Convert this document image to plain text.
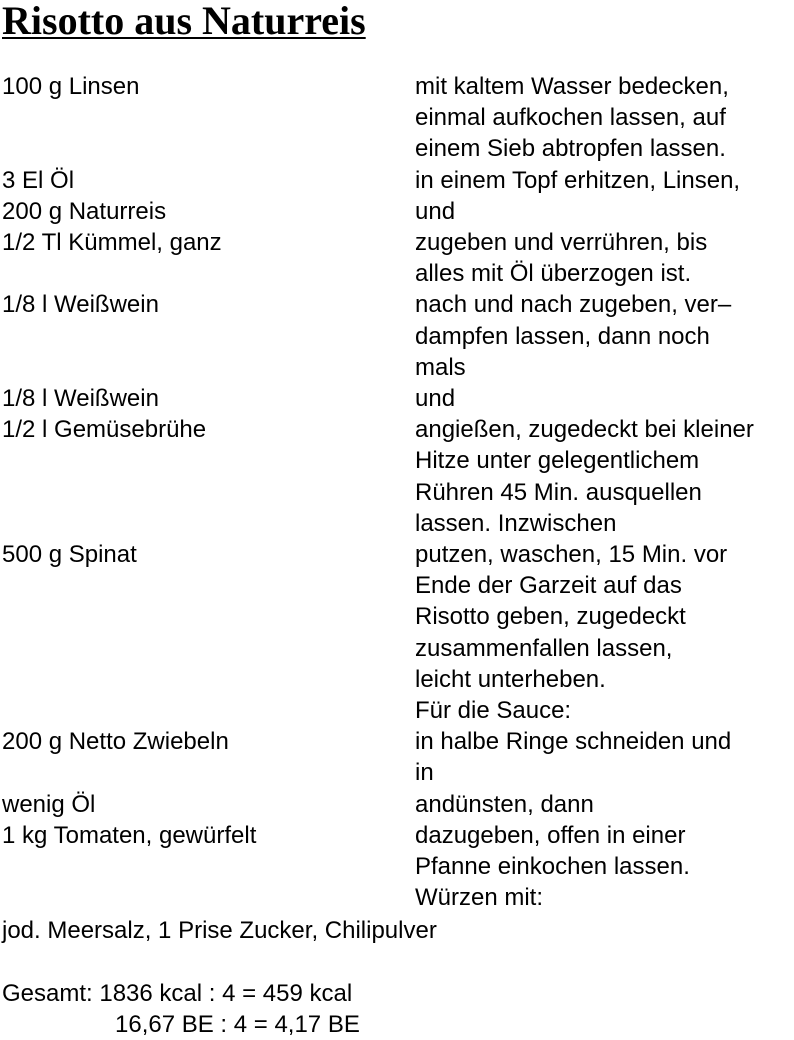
Risotto aus Naturreis
100 g Linsen	mit kaltem Wasser bedecken,
einmal aufkochen lassen, auf
einem Sieb abtropfen lassen.
3 El Öl	in einem Topf erhitzen, Linsen,
200 g Naturreis	und
1/2 Tl Kümmel, ganz	zugeben und verrühren, bis
alles mit Öl überzogen ist.
1/8 l Weißwein	nach und nach zugeben, ver–
dampfen lassen, dann noch
mals
1/8 l Weißwein	und
1/2 l Gemüsebrühe	angießen, zugedeckt bei kleiner
Hitze unter gelegentlichem
Rühren 45 Min. ausquellen
lassen. Inzwischen
500 g Spinat	putzen, waschen, 15 Min. vor
Ende der Garzeit auf das
Risotto geben, zugedeckt
zusammenfallen lassen,
leicht unterheben.
Für die Sauce:
200 g Netto Zwiebeln	in halbe Ringe schneiden und
in
wenig Öl	andünsten, dann
1 kg Tomaten, gewürfelt	dazugeben, offen in einer
Pfanne einkochen lassen.
Würzen mit:
jod. Meersalz, 1 Prise Zucker, Chilipulver
Gesamt: 1836 kcal : 4 = 459 kcal
16,67 BE : 4 = 4,17 BE
